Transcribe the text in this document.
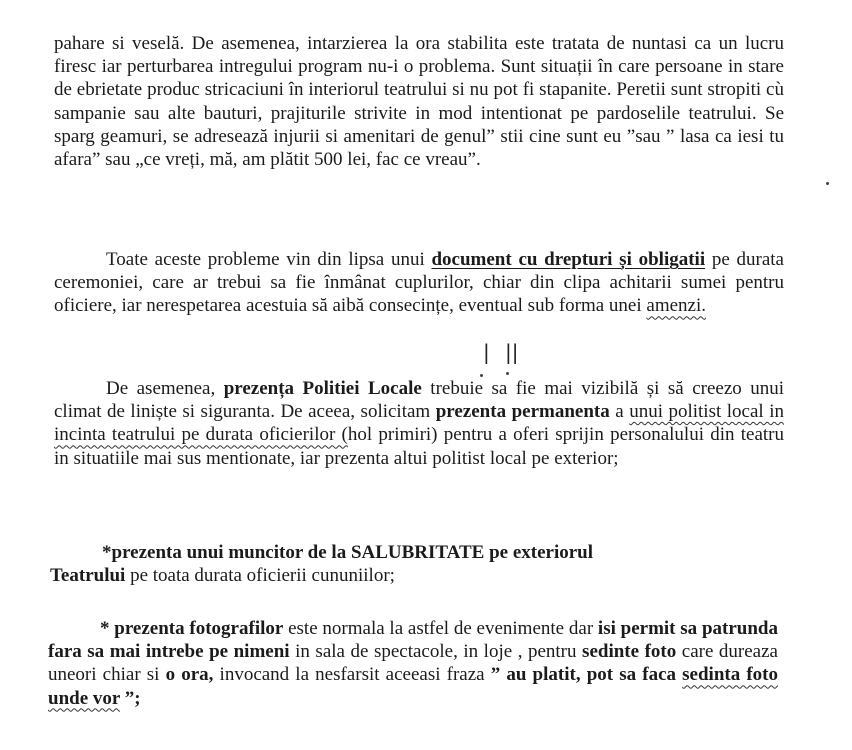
pahare si veselă. De asemenea, intarzierea la ora stabilita este tratata de nuntasi ca un lucru firesc iar perturbarea intregului program nu-i o problema. Sunt situații în care persoane in stare de ebrietate produc stricaciuni în interiorul teatrului si nu pot fi stapanite. Peretii sunt stropiti cù sampanie sau alte bauturi, prajiturile strivite in mod intentionat pe pardoselile teatrului. Se sparg geamuri, se adresează injurii si amenitari de genul” stii cine sunt eu ”sau ” lasa ca iesi tu afara” sau „ce vreți, mă, am plătit 500 lei, fac ce vreau”.

Toate aceste probleme vin din lipsa unui document cu drepturi și obligatii pe durata ceremoniei, care ar trebui sa fie înmânat cuplurilor, chiar din clipa achitarii sumei pentru oficiere, iar nerespetarea acestuia să aibă consecințe, eventual sub forma unei amenzi.

| ||

De asemenea, prezența Politiei Locale trebuie sa fie mai vizibilă și să creezo unui climat de liniște si siguranta. De aceea, solicitam prezenta permanenta a unui politist local in incinta teatrului pe durata oficierilor (hol primiri) pentru a oferi sprijin personalului din teatru in situatiile mai sus mentionate, iar prezenta altui politist local pe exterior;

*prezenta unui muncitor de la SALUBRITATE pe exteriorul
Teatrului pe toata durata oficierii cununiilor;

* prezenta fotografilor este normala la astfel de evenimente dar isi permit sa patrunda fara sa mai intrebe pe nimeni in sala de spectacole, in loje , pentru sedinte foto care dureaza uneori chiar si o ora, invocand la nesfarsit aceeasi fraza ” au platit, pot sa faca sedinta foto unde vor ”;
